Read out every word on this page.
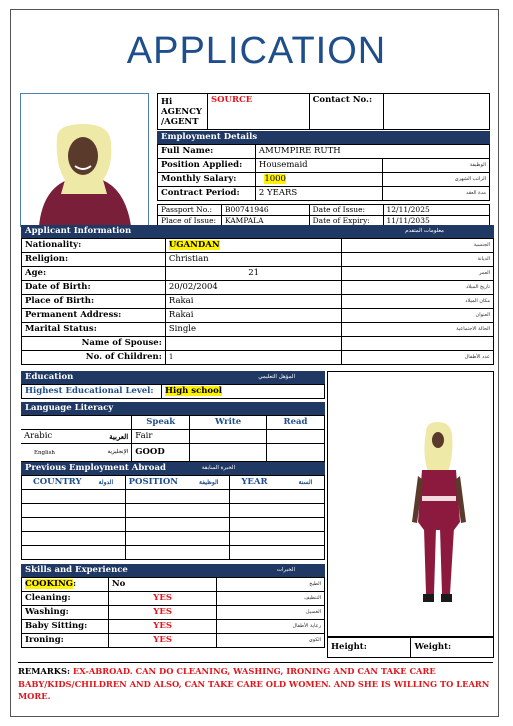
APPLICATION
Hi AGENCY /AGENT	SOURCE	Contact No.:	
Employment Details
Full Name:	AMUMPIRE RUTH	
Position Applied:	Housemaid	الوظيفة
Monthly Salary:	1000	الراتب الشهري
Contract Period:	2 YEARS	مدة العقد
Passport No.:	B00741946	Date of Issue:	12/11/2025
Place of Issue:	KAMPALA	Date of Expiry:	11/11/2035
Applicant Information	معلومات المتقدم
Nationality:	UGANDAN	الجنسية
Religion:	Christian	الديانة
Age:	21	العمر
Date of Birth:	20/02/2004	تاريخ الميلاد
Place of Birth:	Rakai	مكان الميلاد
Permanent Address:	Rakai	العنوان
Marital Status:	Single	الحالة الاجتماعية
Name of Spouse:		
No. of Children:	1	عدد الأطفال
Education	المؤهل التعليمي
Highest Educational Level:	High school
Language Literacy
	Speak	Write	Read
Arabic العربية	Fair		
English الإنجليزية	GOOD		
Previous Employment Abroad	الخبرة السابقة
COUNTRY الدولة	POSITION الوظيفة	YEAR السنة

Skills and Experience	الخبرات
COOKING:	No	الطبخ
Cleaning:	YES	التنظيف
Washing:	YES	الغسيل
Baby Sitting:	YES	رعاية الأطفال
Ironing:	YES	الكوي
Height:	Weight:
REMARKS: EX-ABROAD. CAN DO CLEANING, WASHING, IRONING AND CAN TAKE CARE BABY/KIDS/CHILDREN AND ALSO, CAN TAKE CARE OLD WOMEN. AND SHE IS WILLING TO LEARN MORE.
